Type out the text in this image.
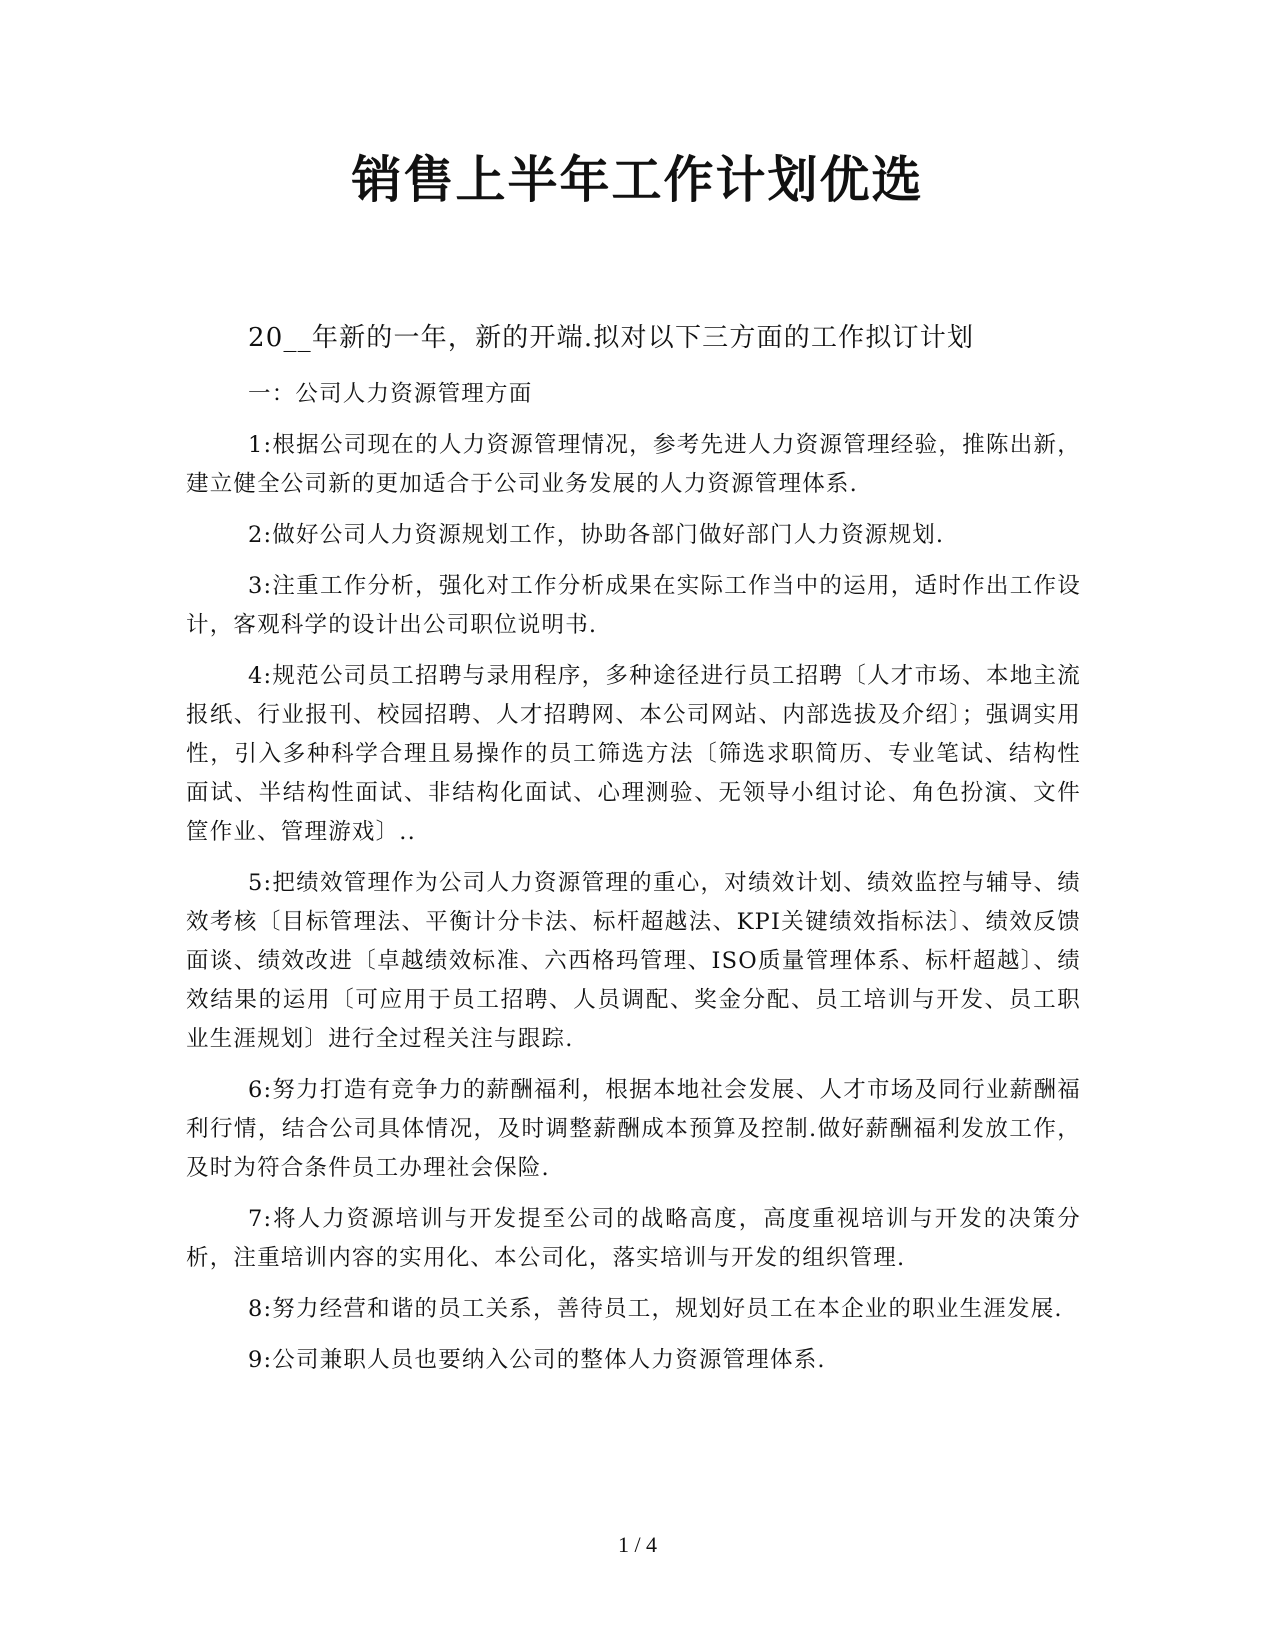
销售上半年工作计划优选

20__年新的一年，新的开端.拟对以下三方面的工作拟订计划

一：公司人力资源管理方面

1:根据公司现在的人力资源管理情况，参考先进人力资源管理经验，推陈出新，建立健全公司新的更加适合于公司业务发展的人力资源管理体系.

2:做好公司人力资源规划工作，协助各部门做好部门人力资源规划.

3:注重工作分析，强化对工作分析成果在实际工作当中的运用，适时作出工作设计，客观科学的设计出公司职位说明书.

4:规范公司员工招聘与录用程序，多种途径进行员工招聘〔人才市场、本地主流报纸、行业报刊、校园招聘、人才招聘网、本公司网站、内部选拔及介绍〕；强调实用性，引入多种科学合理且易操作的员工筛选方法〔筛选求职简历、专业笔试、结构性面试、半结构性面试、非结构化面试、心理测验、无领导小组讨论、角色扮演、文件筐作业、管理游戏〕..

5:把绩效管理作为公司人力资源管理的重心，对绩效计划、绩效监控与辅导、绩效考核〔目标管理法、平衡计分卡法、标杆超越法、KPI关键绩效指标法〕、绩效反馈面谈、绩效改进〔卓越绩效标准、六西格玛管理、ISO质量管理体系、标杆超越〕、绩效结果的运用〔可应用于员工招聘、人员调配、奖金分配、员工培训与开发、员工职业生涯规划〕进行全过程关注与跟踪.

6:努力打造有竞争力的薪酬福利，根据本地社会发展、人才市场及同行业薪酬福利行情，结合公司具体情况，及时调整薪酬成本预算及控制.做好薪酬福利发放工作，及时为符合条件员工办理社会保险.

7:将人力资源培训与开发提至公司的战略高度，高度重视培训与开发的决策分析，注重培训内容的实用化、本公司化，落实培训与开发的组织管理.

8:努力经营和谐的员工关系，善待员工，规划好员工在本企业的职业生涯发展.

9:公司兼职人员也要纳入公司的整体人力资源管理体系.

1 / 4
